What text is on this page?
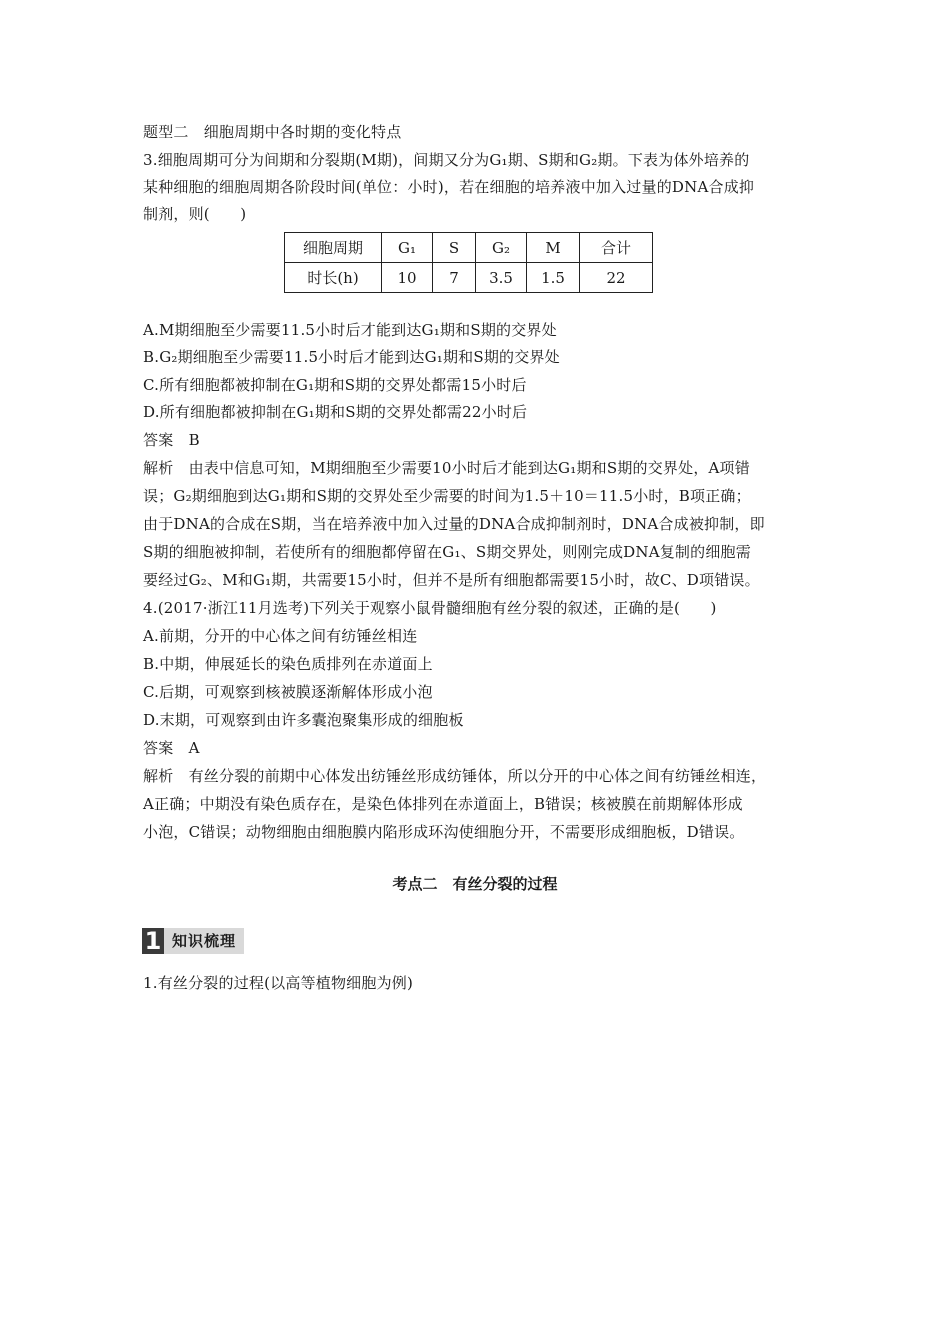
题型二　细胞周期中各时期的变化特点
3.细胞周期可分为间期和分裂期(M期)，间期又分为G₁期、S期和G₂期。下表为体外培养的
某种细胞的细胞周期各阶段时间(单位：小时)，若在细胞的培养液中加入过量的DNA合成抑
制剂，则(　　)
细胞周期	G₁	S	G₂	M	合计
时长(h)	10	7	3.5	1.5	22
A.M期细胞至少需要11.5小时后才能到达G₁期和S期的交界处
B.G₂期细胞至少需要11.5小时后才能到达G₁期和S期的交界处
C.所有细胞都被抑制在G₁期和S期的交界处都需15小时后
D.所有细胞都被抑制在G₁期和S期的交界处都需22小时后
答案　B
解析　由表中信息可知，M期细胞至少需要10小时后才能到达G₁期和S期的交界处，A项错
误；G₂期细胞到达G₁期和S期的交界处至少需要的时间为1.5＋10＝11.5小时，B项正确；
由于DNA的合成在S期，当在培养液中加入过量的DNA合成抑制剂时，DNA合成被抑制，即
S期的细胞被抑制，若使所有的细胞都停留在G₁、S期交界处，则刚完成DNA复制的细胞需
要经过G₂、M和G₁期，共需要15小时，但并不是所有细胞都需要15小时，故C、D项错误。
4.(2017·浙江11月选考)下列关于观察小鼠骨髓细胞有丝分裂的叙述，正确的是(　　)
A.前期，分开的中心体之间有纺锤丝相连
B.中期，伸展延长的染色质排列在赤道面上
C.后期，可观察到核被膜逐渐解体形成小泡
D.末期，可观察到由许多囊泡聚集形成的细胞板
答案　A
解析　有丝分裂的前期中心体发出纺锤丝形成纺锤体，所以分开的中心体之间有纺锤丝相连，
A正确；中期没有染色质存在，是染色体排列在赤道面上，B错误；核被膜在前期解体形成
小泡，C错误；动物细胞由细胞膜内陷形成环沟使细胞分开，不需要形成细胞板，D错误。
考点二　有丝分裂的过程
1 知识梳理
1.有丝分裂的过程(以高等植物细胞为例)
